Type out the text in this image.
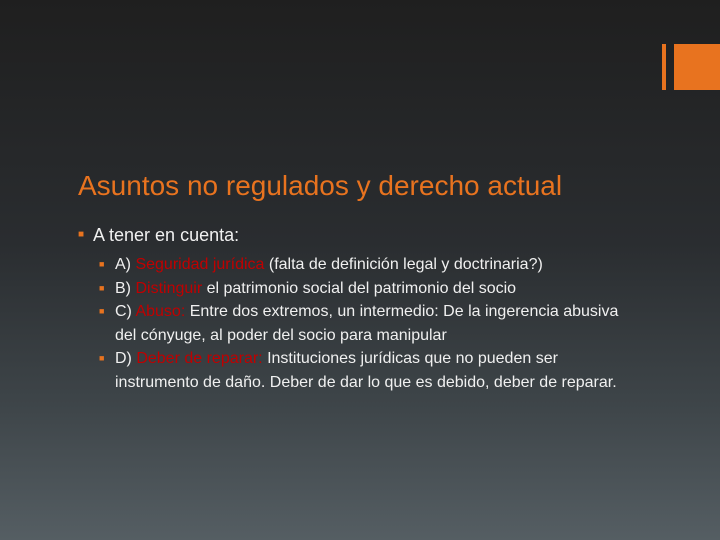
Asuntos no regulados y derecho actual
■ A tener en cuenta:
■ A) Seguridad jurídica (falta de definición legal y doctrinaria?)
■ B) Distinguir el patrimonio social del patrimonio del socio
■ C) Abuso: Entre dos extremos, un intermedio: De la ingerencia abusiva del cónyuge, al poder del socio para manipular
■ D) Deber de reparar: Instituciones jurídicas que no pueden ser instrumento de daño. Deber de dar lo que es debido, deber de reparar.
